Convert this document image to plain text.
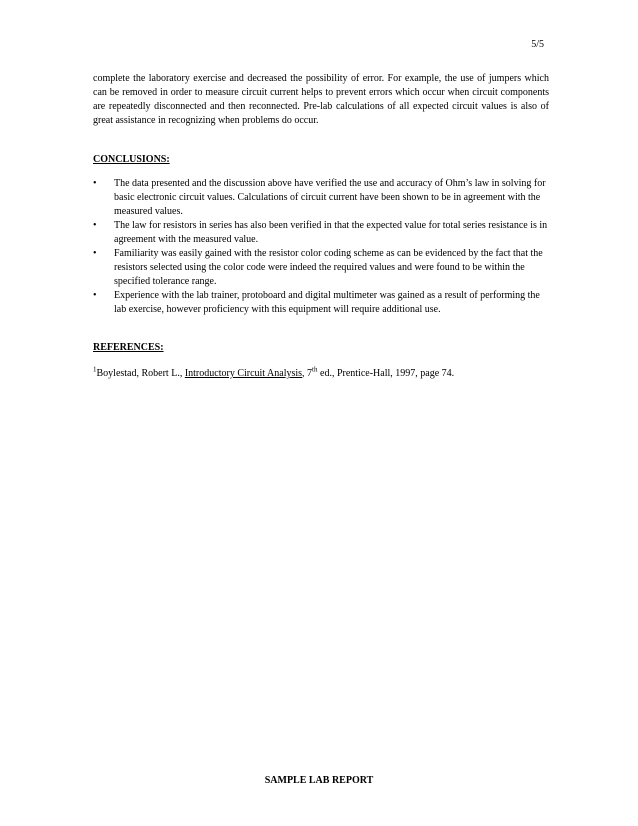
5/5

complete the laboratory exercise and decreased the possibility of error. For example, the use of jumpers which can be removed in order to measure circuit current helps to prevent errors which occur when circuit components are repeatedly disconnected and then reconnected. Pre-lab calculations of all expected circuit values is also of great assistance in recognizing when problems do occur.

CONCLUSIONS:
• The data presented and the discussion above have verified the use and accuracy of Ohm’s law in solving for basic electronic circuit values. Calculations of circuit current have been shown to be in agreement with the measured values.
• The law for resistors in series has also been verified in that the expected value for total series resistance is in agreement with the measured value.
• Familiarity was easily gained with the resistor color coding scheme as can be evidenced by the fact that the resistors selected using the color code were indeed the required values and were found to be within the specified tolerance range.
• Experience with the lab trainer, protoboard and digital multimeter was gained as a result of performing the lab exercise, however proficiency with this equipment will require additional use.
REFERENCES:

$^1$Boylestad, Robert L., Introductory Circuit Analysis, 7th ed., Prentice-Hall, 1997, page 74.

SAMPLE LAB REPORT
